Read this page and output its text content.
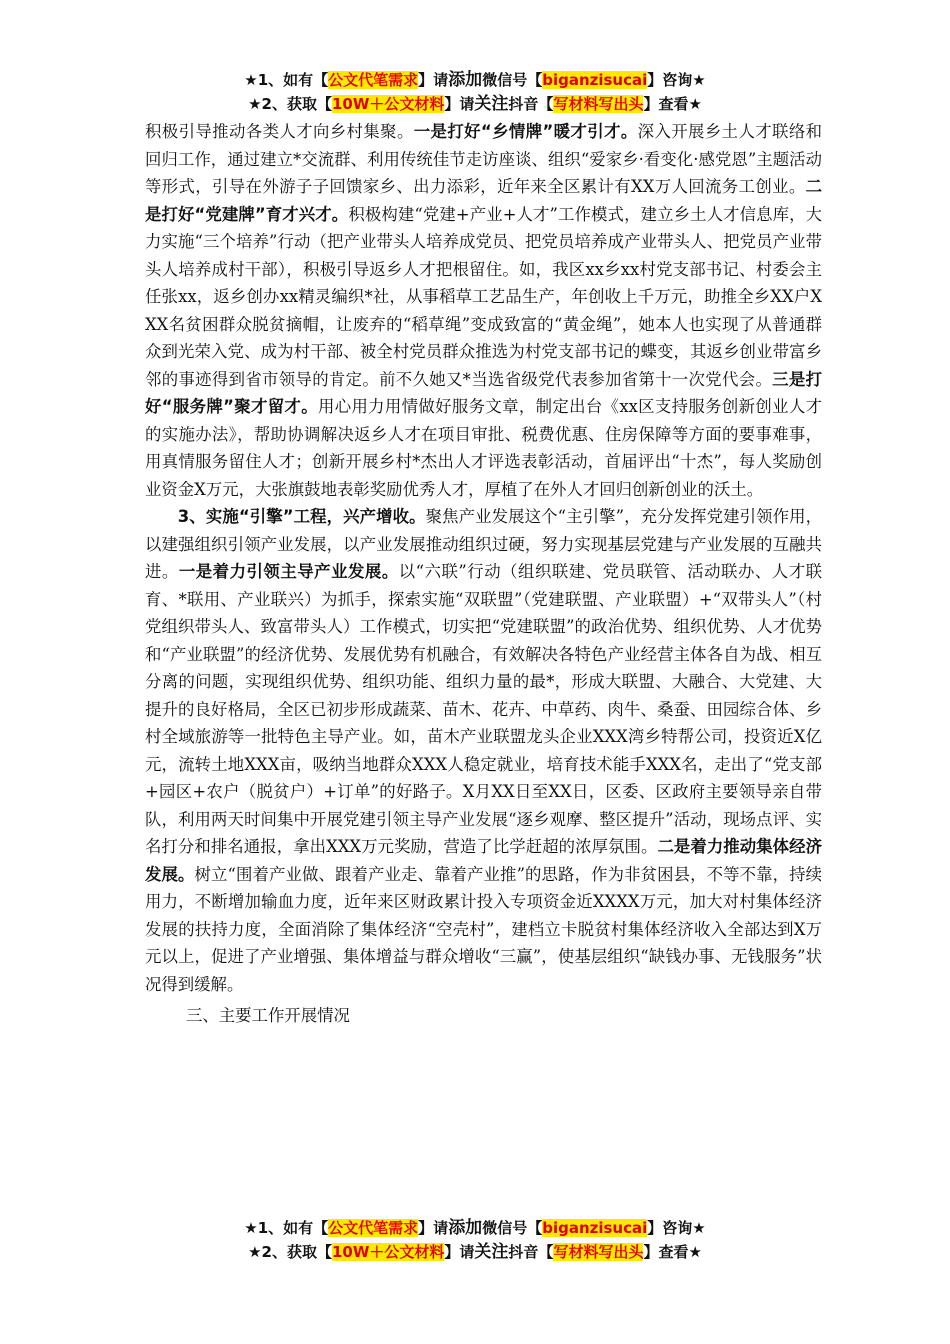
★1、如有【公文代笔需求】请添加微信号【biganzisucai】咨询★
★2、获取【10W＋公文材料】请关注抖音【写材料写出头】查看★

积极引导推动各类人才向乡村集聚。一是打好“乡情牌”暖才引才。深入开展乡土人才联络和回归工作，通过建立*交流群、利用传统佳节走访座谈、组织“爱家乡·看变化·感党恩”主题活动等形式，引导在外游子子回馈家乡、出力添彩，近年来全区累计有XX万人回流务工创业。二是打好“党建牌”育才兴才。积极构建“党建+产业+人才”工作模式，建立乡土人才信息库，大力实施“三个培养”行动（把产业带头人培养成党员、把党员培养成产业带头人、把党员产业带头人培养成村干部），积极引导返乡人才把根留住。如，我区xx乡xx村党支部书记、村委会主任张xx，返乡创办xx精灵编织*社，从事稻草工艺品生产，年创收上千万元，助推全乡XX户XXX名贫困群众脱贫摘帽，让废弃的“稻草绳”变成致富的“黄金绳”，她本人也实现了从普通群众到光荣入党、成为村干部、被全村党员群众推选为村党支部书记的蝶变，其返乡创业带富乡邻的事迹得到省市领导的肯定。前不久她又*当选省级党代表参加省第十一次党代会。三是打好“服务牌”聚才留才。用心用力用情做好服务文章，制定出台《xx区支持服务创新创业人才的实施办法》，帮助协调解决返乡人才在项目审批、税费优惠、住房保障等方面的要事难事，用真情服务留住人才；创新开展乡村*杰出人才评选表彰活动，首届评出“十杰”，每人奖励创业资金X万元，大张旗鼓地表彰奖励优秀人才，厚植了在外人才回归创新创业的沃土。

3、实施“引擎”工程，兴产增收。聚焦产业发展这个“主引擎”，充分发挥党建引领作用，以建强组织引领产业发展，以产业发展推动组织过硬，努力实现基层党建与产业发展的互融共进。一是着力引领主导产业发展。以“六联”行动（组织联建、党员联管、活动联办、人才联育、*联用、产业联兴）为抓手，探索实施“双联盟”（党建联盟、产业联盟）+“双带头人”（村党组织带头人、致富带头人）工作模式，切实把“党建联盟”的政治优势、组织优势、人才优势和“产业联盟”的经济优势、发展优势有机融合，有效解决各特色产业经营主体各自为战、相互分离的问题，实现组织优势、组织功能、组织力量的最*，形成大联盟、大融合、大党建、大提升的良好格局，全区已初步形成蔬菜、苗木、花卉、中草药、肉牛、桑蚕、田园综合体、乡村全域旅游等一批特色主导产业。如，苗木产业联盟龙头企业XXX湾乡特帮公司，投资近X亿元，流转土地XXX亩，吸纳当地群众XXX人稳定就业，培育技术能手XXX名，走出了“党支部+园区+农户（脱贫户）+订单”的好路子。X月XX日至XX日，区委、区政府主要领导亲自带队，利用两天时间集中开展党建引领主导产业发展“逐乡观摩、整区提升”活动，现场点评、实名打分和排名通报，拿出XXX万元奖励，营造了比学赶超的浓厚氛围。二是着力推动集体经济发展。树立“围着产业做、跟着产业走、靠着产业推”的思路，作为非贫困县，不等不靠，持续用力，不断增加输血力度，近年来区财政累计投入专项资金近XXXX万元，加大对村集体经济发展的扶持力度，全面消除了集体经济“空壳村”，建档立卡脱贫村集体经济收入全部达到X万元以上，促进了产业增强、集体增益与群众增收“三赢”，使基层组织“缺钱办事、无钱服务”状况得到缓解。

三、主要工作开展情况

★1、如有【公文代笔需求】请添加微信号【biganzisucai】咨询★
★2、获取【10W＋公文材料】请关注抖音【写材料写出头】查看★
